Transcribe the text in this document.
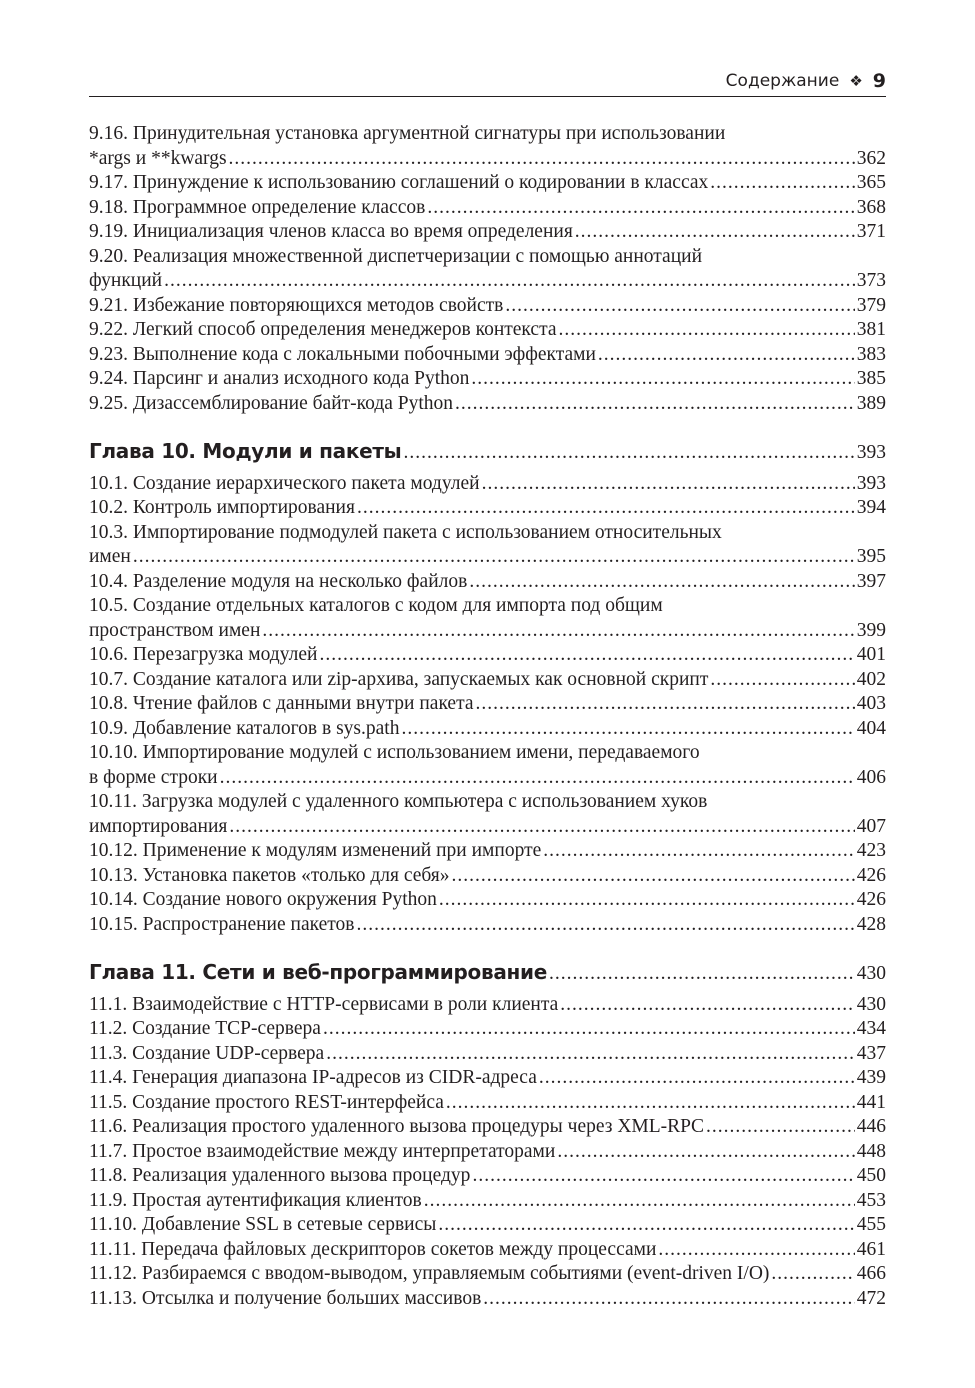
Содержание ❖ 9
9.16. Принудительная установка аргументной сигнатуры при использовании
*args и **kwargs .....	362
9.17. Принуждение к использованию соглашений о кодировании в классах .....	365
9.18. Программное определение классов .....	368
9.19. Инициализация членов класса во время определения .....	371
9.20. Реализация множественной диспетчеризации с помощью аннотаций
функций .....	373
9.21. Избежание повторяющихся методов свойств .....	379
9.22. Легкий способ определения менеджеров контекста .....	381
9.23. Выполнение кода с локальными побочными эффектами .....	383
9.24. Парсинг и анализ исходного кода Python .....	385
9.25. Дизассемблирование байт-кода Python .....	389
Глава 10. Модули и пакеты .....	393
10.1. Создание иерархического пакета модулей .....	393
10.2. Контроль импортирования .....	394
10.3. Импортирование подмодулей пакета с использованием относительных
имен .....	395
10.4. Разделение модуля на несколько файлов .....	397
10.5. Создание отдельных каталогов с кодом для импорта под общим
пространством имен .....	399
10.6. Перезагрузка модулей .....	401
10.7. Создание каталога или zip-архива, запускаемых как основной скрипт .....	402
10.8. Чтение файлов с данными внутри пакета .....	403
10.9. Добавление каталогов в sys.path .....	404
10.10. Импортирование модулей с использованием имени, передаваемого
в форме строки .....	406
10.11. Загрузка модулей с удаленного компьютера с использованием хуков
импортирования .....	407
10.12. Применение к модулям изменений при импорте .....	423
10.13. Установка пакетов «только для себя» .....	426
10.14. Создание нового окружения Python .....	426
10.15. Распространение пакетов .....	428
Глава 11. Сети и веб-программирование .....	430
11.1. Взаимодействие с HTTP-сервисами в роли клиента .....	430
11.2. Создание TCP-сервера .....	434
11.3. Создание UDP-сервера .....	437
11.4. Генерация диапазона IP-адресов из CIDR-адреса .....	439
11.5. Создание простого REST-интерфейса .....	441
11.6. Реализация простого удаленного вызова процедуры через XML-RPC .....	446
11.7. Простое взаимодействие между интерпретаторами .....	448
11.8. Реализация удаленного вызова процедур .....	450
11.9. Простая аутентификация клиентов .....	453
11.10. Добавление SSL в сетевые сервисы .....	455
11.11. Передача файловых дескрипторов сокетов между процессами .....	461
11.12. Разбираемся с вводом-выводом, управляемым событиями (event-driven I/O) .....	466
11.13. Отсылка и получение больших массивов .....	472
